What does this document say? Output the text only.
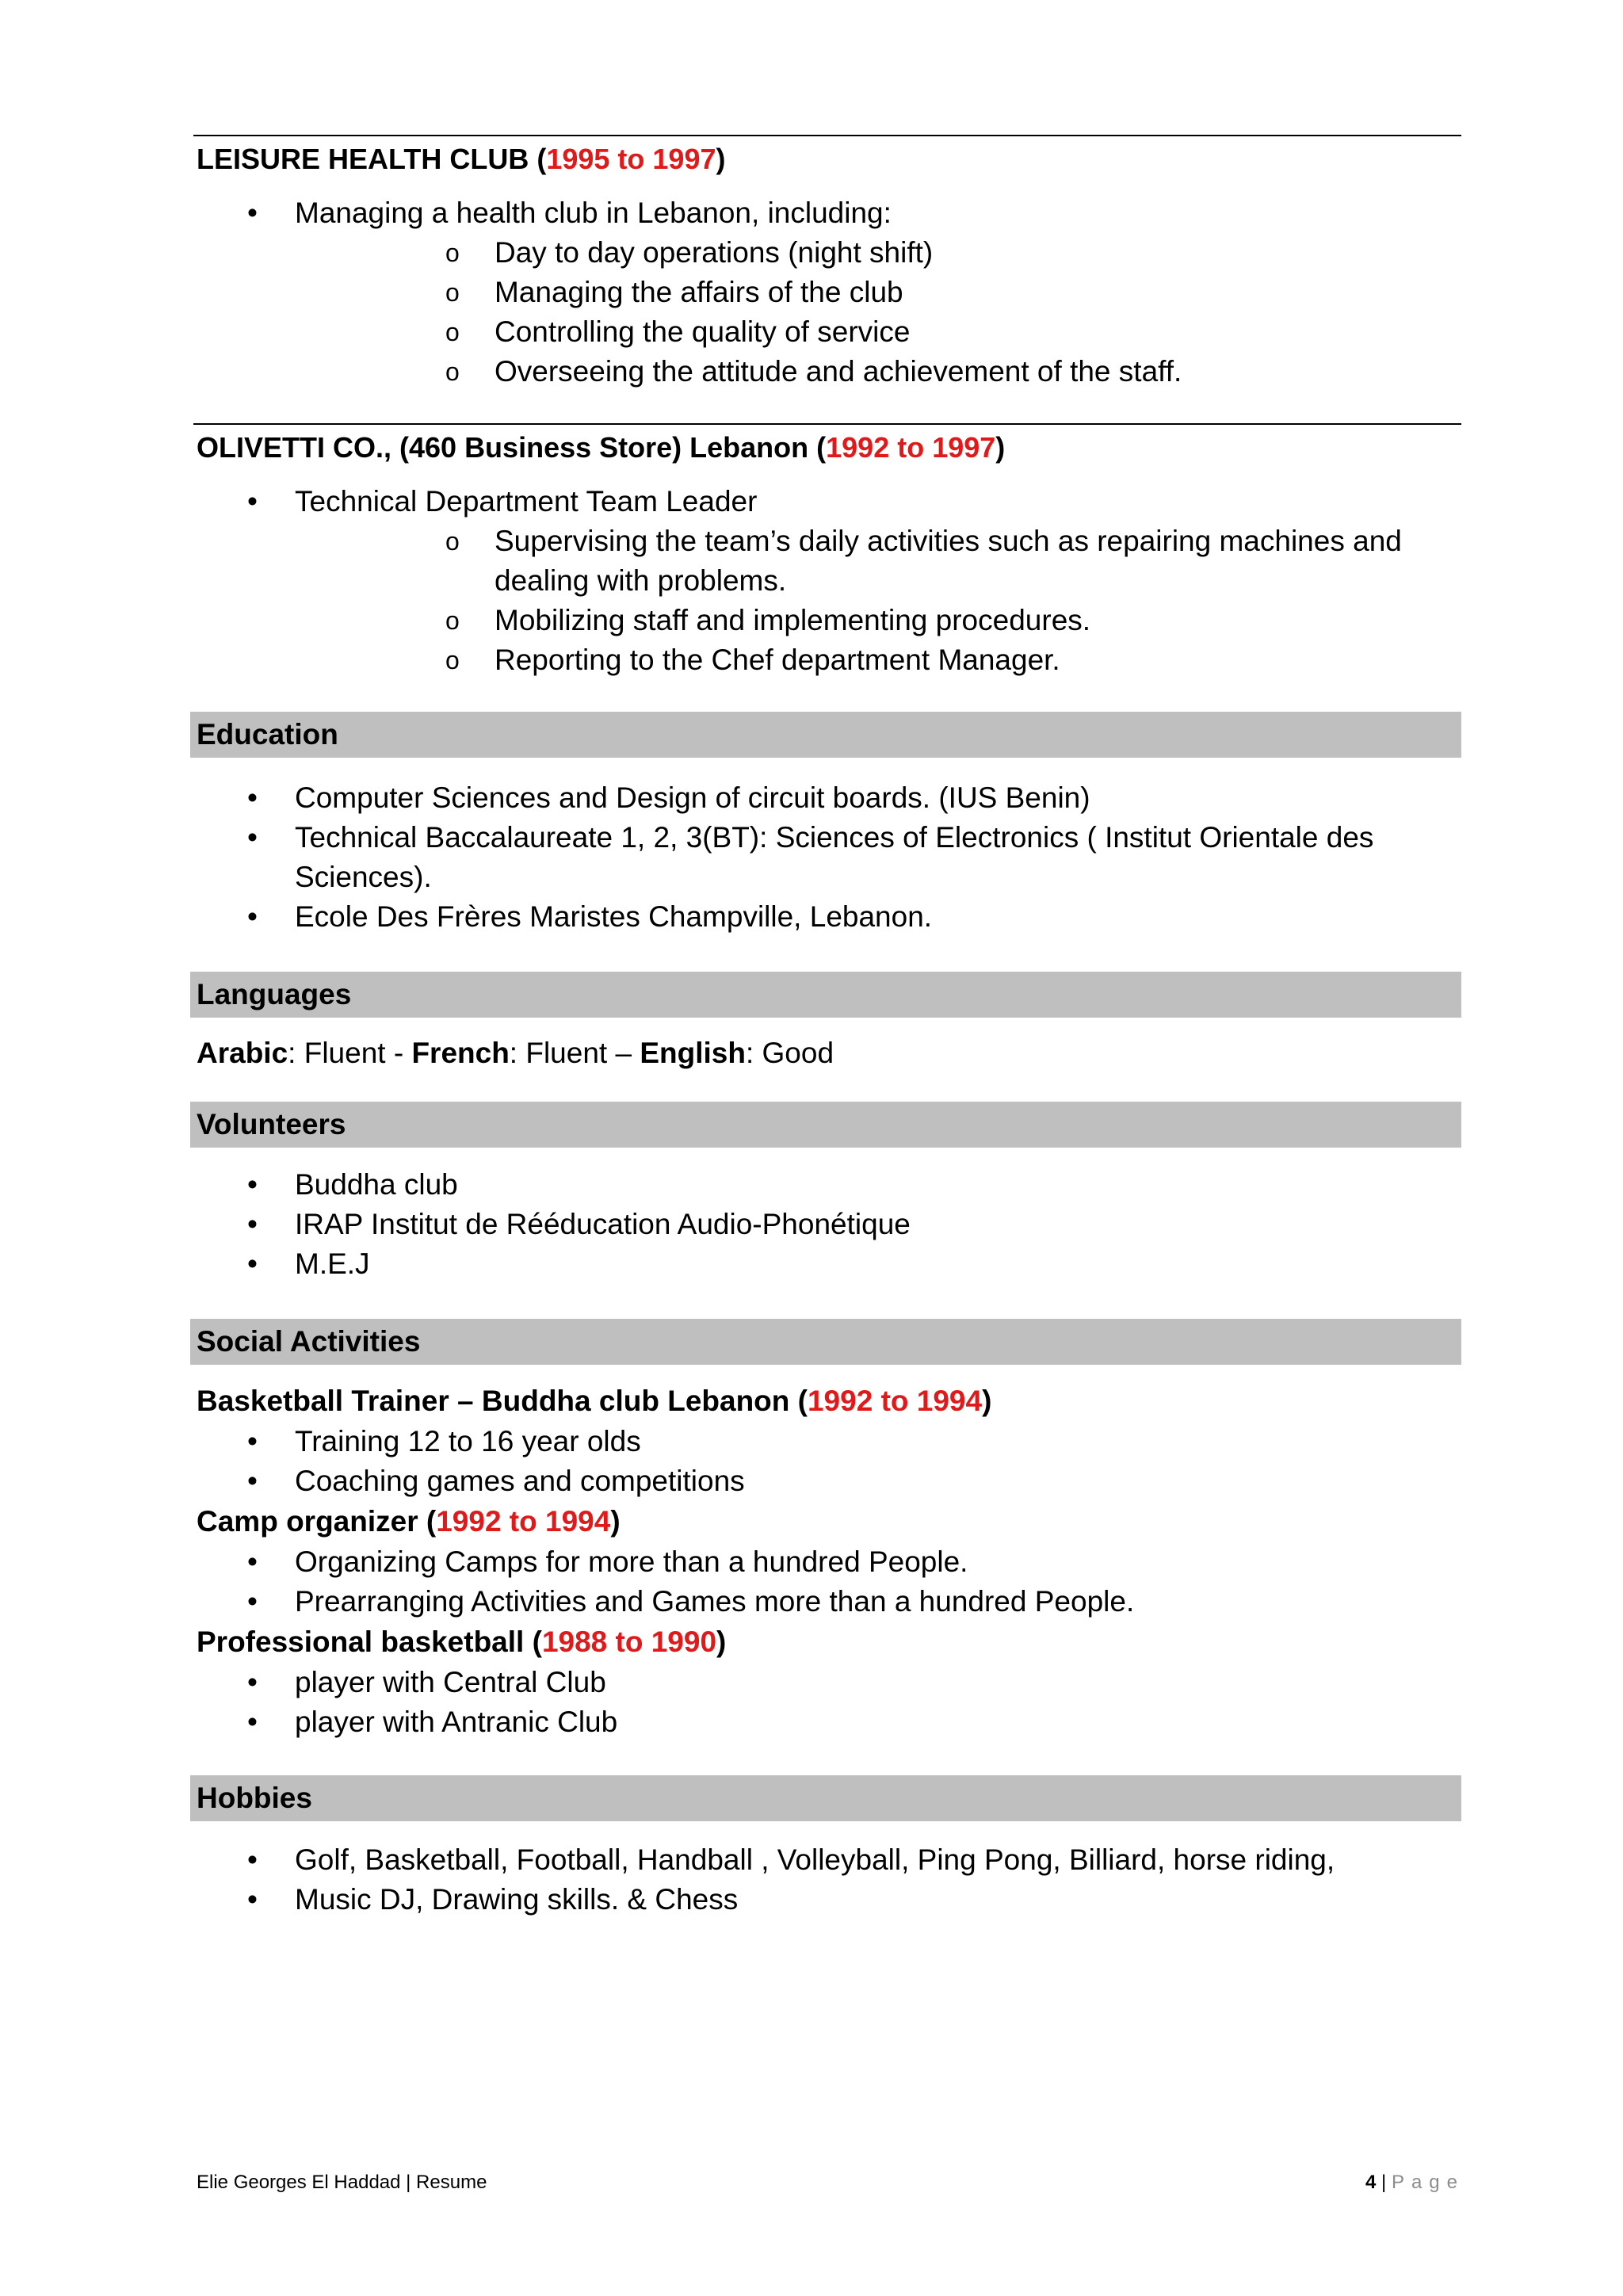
LEISURE HEALTH CLUB (1995 to 1997)
• Managing a health club in Lebanon, including:
o Day to day operations (night shift)
o Managing the affairs of the club
o Controlling the quality of service
o Overseeing the attitude and achievement of the staff.
OLIVETTI CO., (460 Business Store) Lebanon (1992 to 1997)
• Technical Department Team Leader
o Supervising the team’s daily activities such as repairing machines and dealing with problems.
o Mobilizing staff and implementing procedures.
o Reporting to the Chef department Manager.
Education
• Computer Sciences and Design of circuit boards. (IUS Benin)
• Technical Baccalaureate 1, 2, 3(BT): Sciences of Electronics ( Institut Orientale des Sciences).
• Ecole Des Frères Maristes Champville, Lebanon.
Languages
Arabic: Fluent - French: Fluent – English: Good
Volunteers
• Buddha club
• IRAP Institut de Rééducation Audio-Phonétique
• M.E.J
Social Activities
Basketball Trainer – Buddha club Lebanon (1992 to 1994)
• Training 12 to 16 year olds
• Coaching games and competitions
Camp organizer (1992 to 1994)
• Organizing Camps for more than a hundred People.
• Prearranging Activities and Games more than a hundred People.
Professional basketball (1988 to 1990)
• player with Central Club
• player with Antranic Club
Hobbies
• Golf, Basketball, Football, Handball , Volleyball, Ping Pong, Billiard, horse riding,
• Music DJ, Drawing skills. & Chess
Elie Georges El Haddad | Resume	4 | Page
